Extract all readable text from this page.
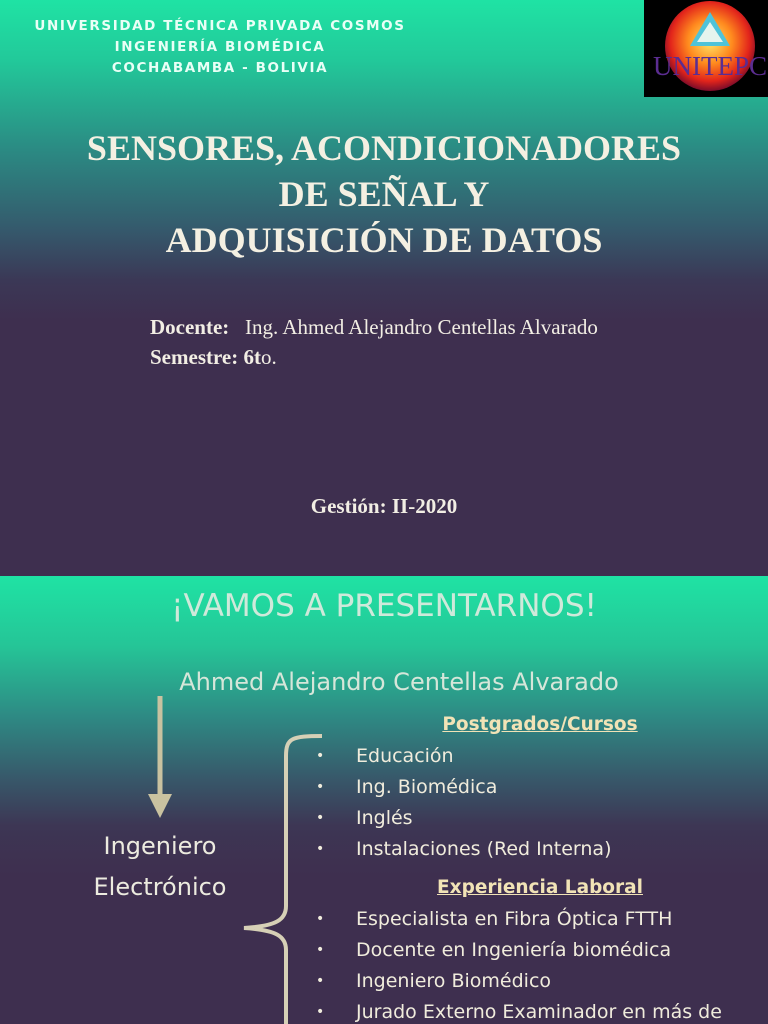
UNIVERSIDAD TÉCNICA PRIVADA COSMOS
INGENIERÍA BIOMÉDICA
COCHABAMBA - BOLIVIA	UNITEPC
SENSORES, ACONDICIONADORES
DE SEÑAL Y
ADQUISICIÓN DE DATOS
Docente: Ing. Ahmed Alejandro Centellas Alvarado
Semestre: 6to.
Gestión: II-2020
¡VAMOS A PRESENTARNOS!
Ahmed Alejandro Centellas Alvarado
Ingeniero
Electrónico
Postgrados/Cursos
• Educación
• Ing. Biomédica
• Inglés
• Instalaciones (Red Interna)
Experiencia Laboral
• Especialista en Fibra Óptica FTTH
• Docente en Ingeniería biomédica
• Ingeniero Biomédico
• Jurado Externo Examinador en más de
